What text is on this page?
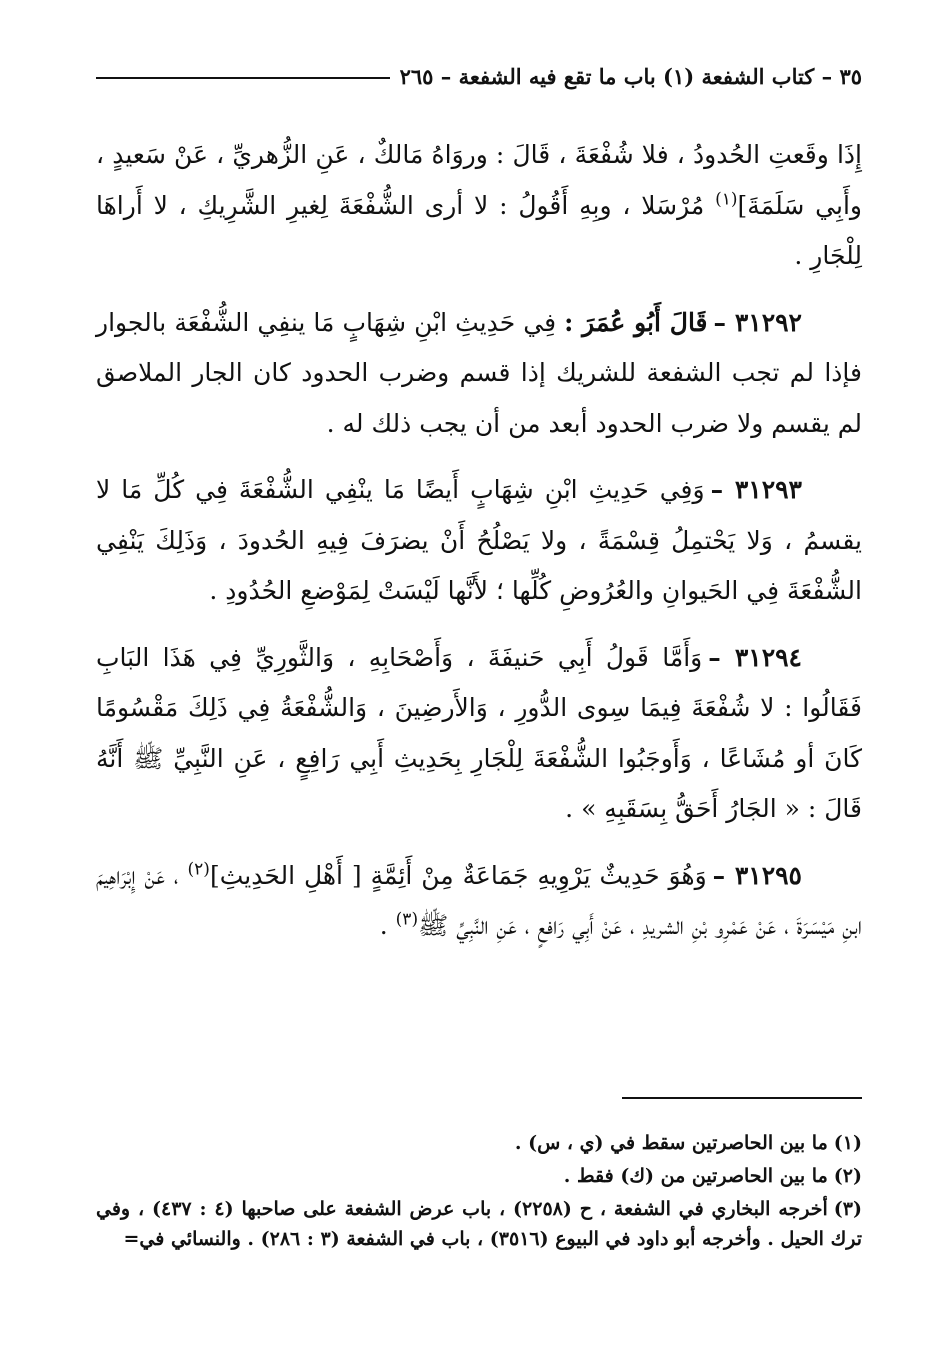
٣٥ – كتاب الشفعة (١) باب ما تقع فيه الشفعة – ٢٦٥

إِذَا وقَعتِ الحُدودُ ، فلا شُفْعَةَ ، قَالَ : وروَاهُ مَالكٌ ، عَنِ الزُّهريِّ ، عَنْ سَعيدٍ ، وأَبِي سَلَمَةَ]$^{(١)}$ مُرْسَلا ، وبِهِ أَقُولُ : لا أرى الشُّفْعَةَ لِغيرِ الشَّرِيكِ ، لا أَراهَا لِلْجَارِ .

٣١٢٩٢ –قَالَ أَبُو عُمَرَ : فِي حَدِيثِ ابْنِ شِهَابٍ مَا ينفِي الشُّفْعَة بالجوار فإذا لم تجب الشفعة للشريك إذا قسم وضرب الحدود كان الجار الملاصق لم يقسم ولا ضرب الحدود أبعد من أن يجب ذلك له .

٣١٢٩٣ –وَفِي حَدِيثِ ابْنِ شِهَابٍ أَيضًا مَا ينْفِي الشُّفْعَةَ فِي كُلِّ مَا لا يقسمُ ، وَلا يَحْتمِلُ قِسْمَةً ، ولا يَصْلُحُ أَنْ يضرَفَ فِيهِ الحُدودَ ، وَذَلِكَ يَنْفِي الشُّفْعَةَ فِي الحَيوانِ والعُرُوضِ كُلِّها ؛ لأَنَّها لَيْسَتْ لِمَوْضعِ الحُدُودِ .

٣١٢٩٤ –وَأَمَّا قَولُ أَبِي حَنيفَةَ ، وَأَصْحَابِهِ ، وَالثَّورِيِّ فِي هَذَا البَابِ فَقَالُوا : لا شُفْعَةَ فِيمَا سِوى الدُّورِ ، وَالأَرضِينَ ، وَالشُّفْعَةُ فِي ذَلِكَ مَقْسُومًا كَانَ أو مُشَاعًا ، وَأَوجَبُوا الشُّفْعَةَ لِلْجَارِ بِحَدِيثِ أَبِي رَافِعٍ ، عَنِ النَّبِيِّ ﷺ أَنَّهُ قَالَ : « الجَارُ أَحَقُّ بِسَقَبِهِ » .

٣١٢٩٥ –وَهُوَ حَدِيثٌ يَرْوِيهِ جَمَاعَةٌ مِنْ أَئِمَّةٍ [ أَهْلِ الحَدِيثِ]$^{(٢)}$ ، عَنْ إِبْرَاهِيمَ ابنِ مَيْسَرَةَ ، عَنْ عَمْرِو بْنِ الشريدِ ، عَنْ أَبِي رَافعٍ ، عَنِ النَّبِيِّ ﷺ$^{(٣)}$ .

(١)ما بين الحاصرتين سقط في (ي ، س) .

(٢)ما بين الحاصرتين من (ك) فقط .

(٣)أخرجه البخاري في الشفعة ، ح (٢٢٥٨) ، باب عرض الشفعة على صاحبها (٤ : ٤٣٧) ، وفي ترك الحيل . وأخرجه أبو داود في البيوع (٣٥١٦) ، باب في الشفعة (٣ : ٢٨٦) . والنسائي في=
